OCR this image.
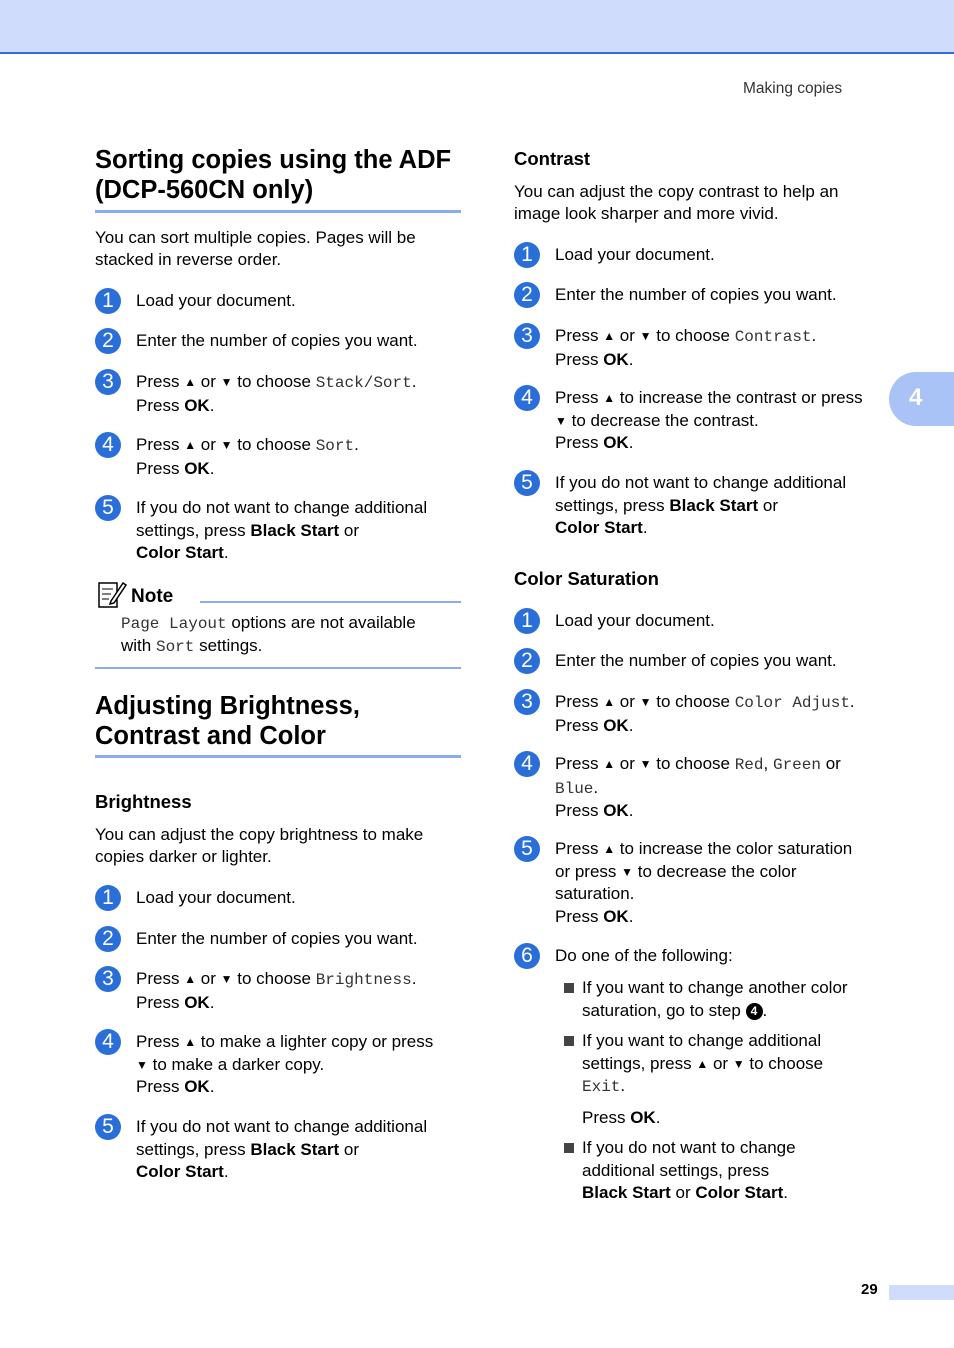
Making copies
4
29
Sorting copies using the ADF
(DCP-560CN only)
You can sort multiple copies. Pages will be
stacked in reverse order.
1	Load your document.
2	Enter the number of copies you want.
3	Press ▲ or ▼ to choose Stack/Sort.
Press OK.
4	Press ▲ or ▼ to choose Sort.
Press OK.
5	If you do not want to change additional
settings, press Black Start or
Color Start.
Note
Page Layout options are not available
with Sort settings.
Adjusting Brightness,
Contrast and Color
Brightness
You can adjust the copy brightness to make
copies darker or lighter.
1	Load your document.
2	Enter the number of copies you want.
3	Press ▲ or ▼ to choose Brightness.
Press OK.
4	Press ▲ to make a lighter copy or press
▼ to make a darker copy.
Press OK.
5	If you do not want to change additional
settings, press Black Start or
Color Start.
Contrast
You can adjust the copy contrast to help an
image look sharper and more vivid.
1	Load your document.
2	Enter the number of copies you want.
3	Press ▲ or ▼ to choose Contrast.
Press OK.
4	Press ▲ to increase the contrast or press
▼ to decrease the contrast.
Press OK.
5	If you do not want to change additional
settings, press Black Start or
Color Start.
Color Saturation
1	Load your document.
2	Enter the number of copies you want.
3	Press ▲ or ▼ to choose Color Adjust.
Press OK.
4	Press ▲ or ▼ to choose Red, Green or
Blue.
Press OK.
5	Press ▲ to increase the color saturation
or press ▼ to decrease the color
saturation.
Press OK.
6	Do one of the following:
If you want to change another color
saturation, go to step 4 .
If you want to change additional
settings, press ▲ or ▼ to choose
Exit.
Press OK.
If you do not want to change
additional settings, press
Black Start or Color Start.
